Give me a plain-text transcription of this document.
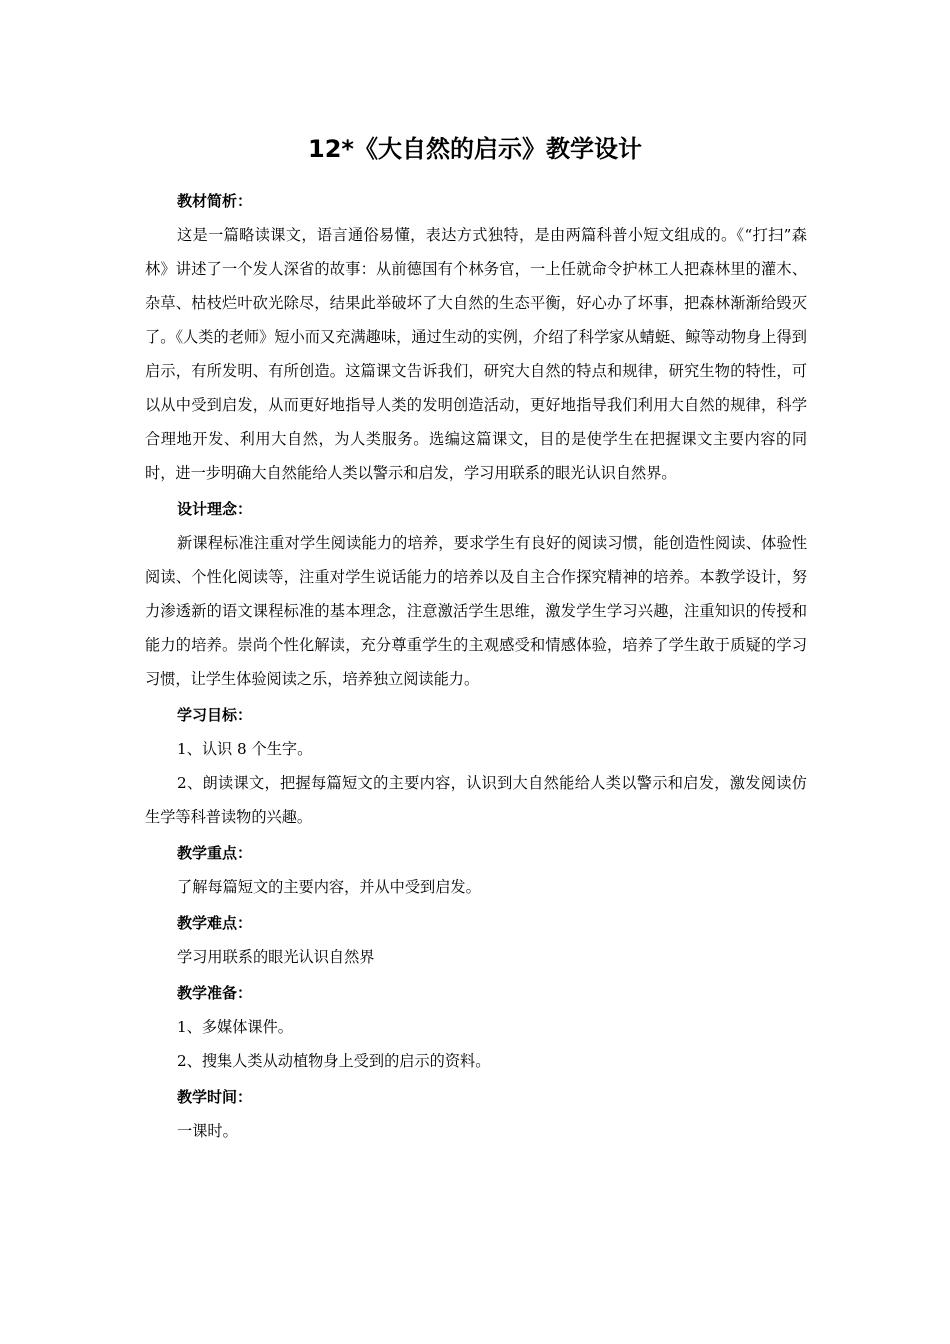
12*《大自然的启示》教学设计
教材简析：

这是一篇略读课文，语言通俗易懂，表达方式独特，是由两篇科普小短文组成的。《“打扫”森林》讲述了一个发人深省的故事：从前德国有个林务官，一上任就命令护林工人把森林里的灌木、杂草、枯枝烂叶砍光除尽，结果此举破坏了大自然的生态平衡，好心办了坏事，把森林渐渐给毁灭了。《人类的老师》短小而又充满趣味，通过生动的实例，介绍了科学家从蜻蜓、鲸等动物身上得到启示，有所发明、有所创造。这篇课文告诉我们，研究大自然的特点和规律，研究生物的特性，可以从中受到启发，从而更好地指导人类的发明创造活动，更好地指导我们利用大自然的规律，科学合理地开发、利用大自然，为人类服务。选编这篇课文，目的是使学生在把握课文主要内容的同时，进一步明确大自然能给人类以警示和启发，学习用联系的眼光认识自然界。

设计理念：

新课程标准注重对学生阅读能力的培养，要求学生有良好的阅读习惯，能创造性阅读、体验性阅读、个性化阅读等，注重对学生说话能力的培养以及自主合作探究精神的培养。本教学设计，努力渗透新的语文课程标准的基本理念，注意激活学生思维，激发学生学习兴趣，注重知识的传授和能力的培养。崇尚个性化解读，充分尊重学生的主观感受和情感体验，培养了学生敢于质疑的学习习惯，让学生体验阅读之乐，培养独立阅读能力。

学习目标：

1、认识 8 个生字。

2、朗读课文，把握每篇短文的主要内容，认识到大自然能给人类以警示和启发，激发阅读仿生学等科普读物的兴趣。

教学重点：

了解每篇短文的主要内容，并从中受到启发。

教学难点：

学习用联系的眼光认识自然界

教学准备：

1、多媒体课件。

2、搜集人类从动植物身上受到的启示的资料。

教学时间：

一课时。
